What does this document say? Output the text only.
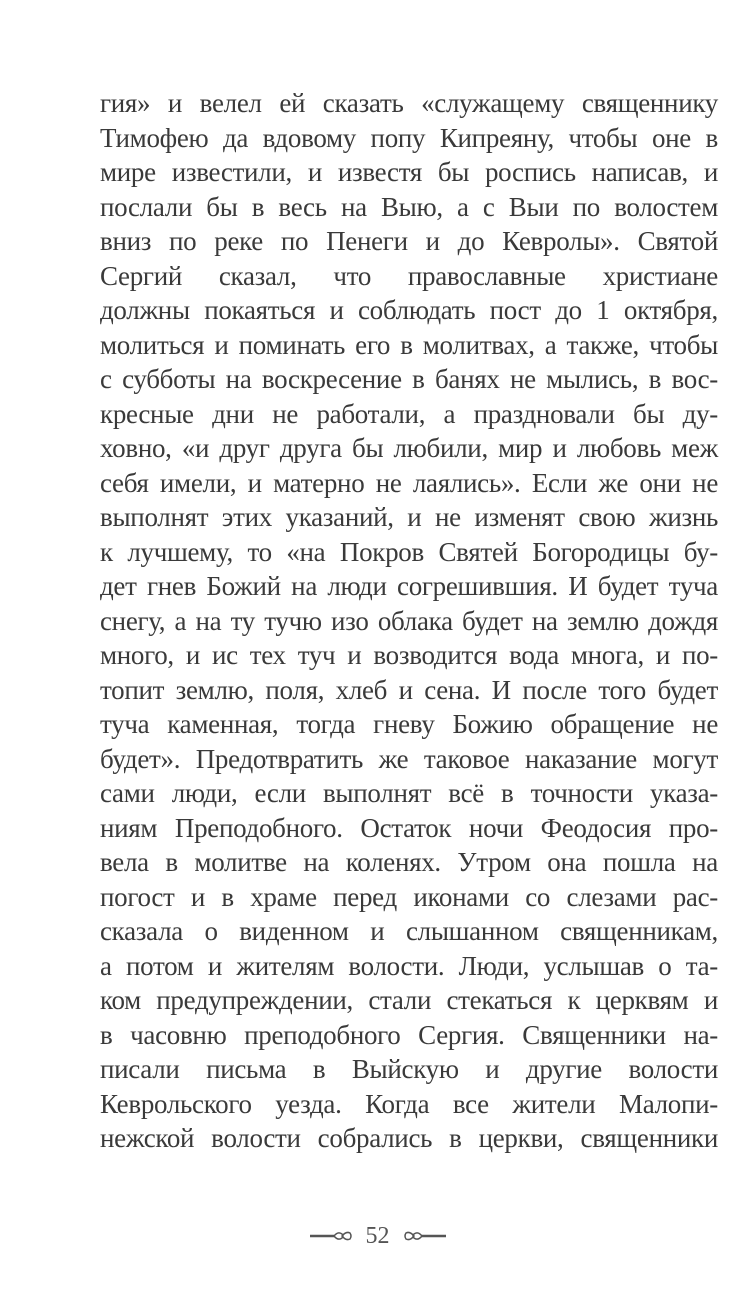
гия» и велел ей сказать «служащему священнику
Тимофею да вдовому попу Кипреяну, чтобы оне в
мире известили, и известя бы роспись написав, и
послали бы в весь на Выю, а с Выи по волостем
вниз по реке по Пенеги и до Кевролы». Святой
Сергий сказал, что православные христиане
должны покаяться и соблюдать пост до 1 октября,
молиться и поминать его в молитвах, а также, чтобы
с субботы на воскресение в банях не мылись, в вос-
кресные дни не работали, а праздновали бы ду-
ховно, «и друг друга бы любили, мир и любовь меж
себя имели, и матерно не лаялись». Если же они не
выполнят этих указаний, и не изменят свою жизнь
к лучшему, то «на Покров Святей Богородицы бу-
дет гнев Божий на люди согрешившия. И будет туча
снегу, а на ту тучю изо облака будет на землю дождя
много, и ис тех туч и возводится вода многа, и по-
топит землю, поля, хлеб и сена. И после того будет
туча каменная, тогда гневу Божию обращение не
будет». Предотвратить же таковое наказание могут
сами люди, если выполнят всё в точности указа-
ниям Преподобного. Остаток ночи Феодосия про-
вела в молитве на коленях. Утром она пошла на
погост и в храме перед иконами со слезами рас-
сказала о виденном и слышанном священникам,
а потом и жителям волости. Люди, услышав о та-
ком предупреждении, стали стекаться к церквям и
в часовню преподобного Сергия. Священники на-
писали письма в Выйскую и другие волости
Кеврольского уезда. Когда все жители Малопи-
нежской волости собрались в церкви, священники
52
